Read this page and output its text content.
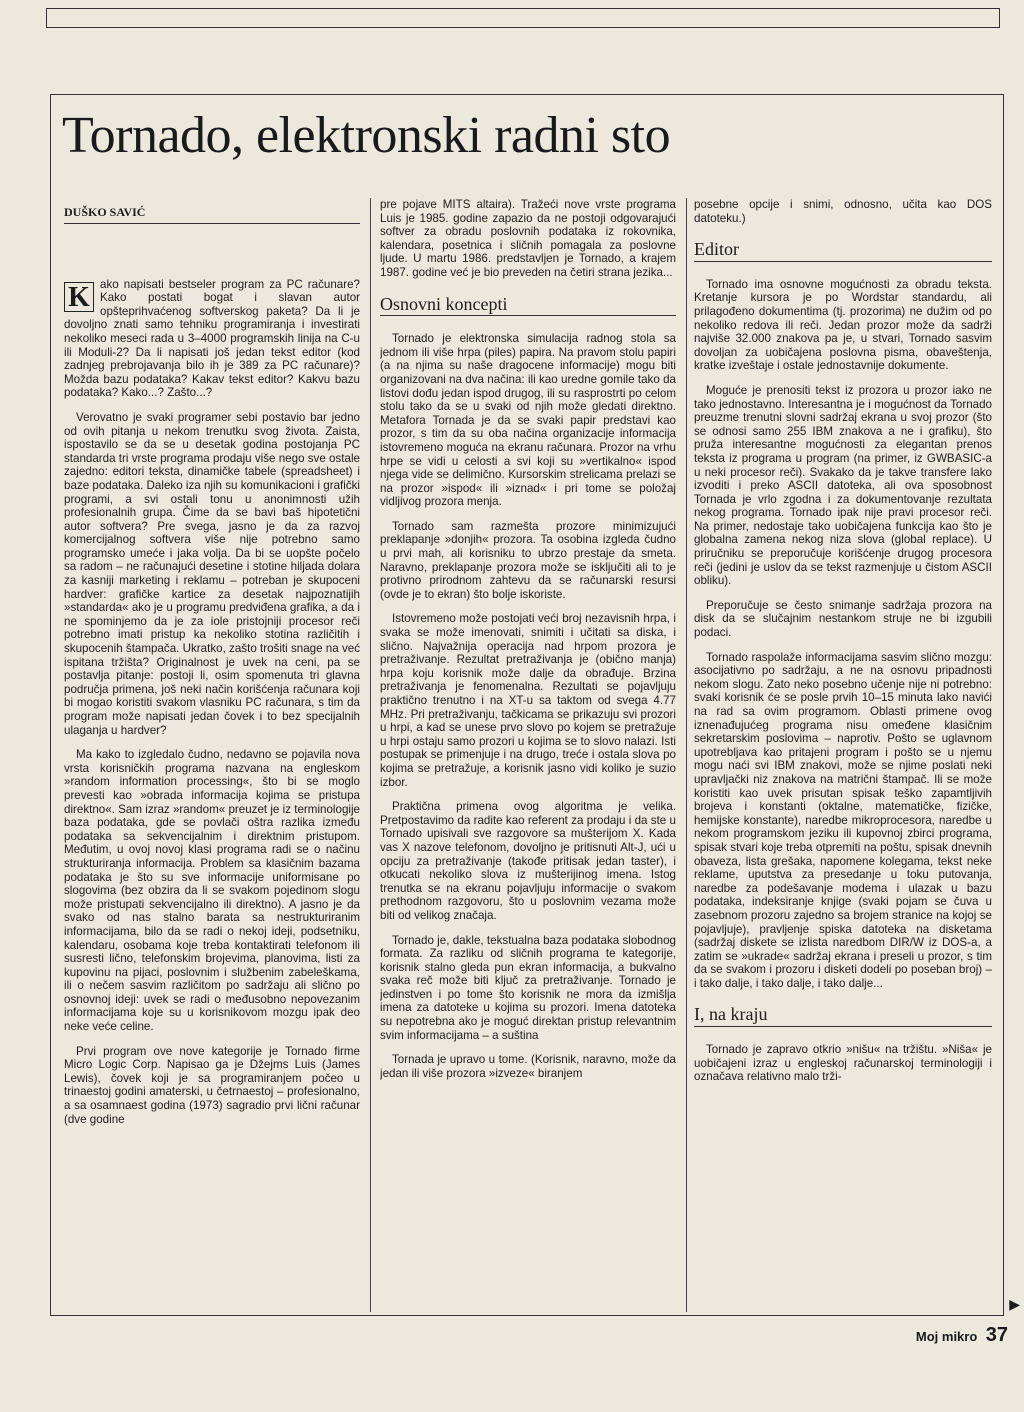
Tornado, elektronski radni sto
DUŠKO SAVIĆ

K ako napisati bestseler program za PC računare? Kako postati bogat i slavan autor opšteprihvaćenog softverskog paketa? Da li je dovoljno znati samo tehniku programiranja i investirati nekoliko meseci rada u 3–4000 programskih linija na C-u ili Moduli-2? Da li napisati još jedan tekst editor (kod zadnjeg prebrojavanja bilo ih je 389 za PC računare)? Možda bazu podataka? Kakav tekst editor? Kakvu bazu podataka? Kako...? Zašto...?

Verovatno je svaki programer sebi postavio bar jedno od ovih pitanja u nekom trenutku svog života. Zaista, ispostavilo se da se u desetak godina postojanja PC standarda tri vrste programa prodaju više nego sve ostale zajedno: editori teksta, dinamičke tabele (spreadsheet) i baze podataka. Daleko iza njih su komunikacioni i grafički programi, a svi ostali tonu u anonimnosti užih profesionalnih grupa. Čime da se bavi baš hipotetični autor softvera? Pre svega, jasno je da za razvoj komercijalnog softvera više nije potrebno samo programsko umeće i jaka volja. Da bi se uopšte počelo sa radom – ne računajući desetine i stotine hiljada dolara za kasniji marketing i reklamu – potreban je skupoceni hardver: grafičke kartice za desetak najpoznatijih »standarda« ako je u programu predviđena grafika, a da i ne spominjemo da je za iole pristojniji procesor reči potrebno imati pristup ka nekoliko stotina različitih i skupocenih štampača. Ukratko, zašto trošiti snage na već ispitana tržišta? Originalnost je uvek na ceni, pa se postavlja pitanje: postoji li, osim spomenuta tri glavna područja primena, još neki način korišćenja računara koji bi mogao koristiti svakom vlasniku PC računara, s tim da program može napisati jedan čovek i to bez specijalnih ulaganja u hardver?

Ma kako to izgledalo čudno, nedavno se pojavila nova vrsta korisničkih programa nazvana na engleskom »random information processing«, što bi se moglo prevesti kao »obrada informacija kojima se pristupa direktno«. Sam izraz »random« preuzet je iz terminologije baza podataka, gde se povlači oštra razlika između podataka sa sekvencijalnim i direktnim pristupom. Međutim, u ovoj novoj klasi programa radi se o načinu strukturiranja informacija. Problem sa klasičnim bazama podataka je što su sve informacije uniformisane po slogovima (bez obzira da li se svakom pojedinom slogu može pristupati sekvencijalno ili direktno). A jasno je da svako od nas stalno barata sa nestrukturiranim informacijama, bilo da se radi o nekoj ideji, podsetniku, kalendaru, osobama koje treba kontaktirati telefonom ili susresti lično, telefonskim brojevima, planovima, listi za kupovinu na pijaci, poslovnim i službenim zabeleškama, ili o nečem sasvim različitom po sadržaju ali slično po osnovnoj ideji: uvek se radi o međusobno nepovezanim informacijama koje su u korisnikovom mozgu ipak deo neke veće celine.

Prvi program ove nove kategorije je Tornado firme Micro Logic Corp. Napisao ga je Džejms Luis (James Lewis), čovek koji je sa programiranjem počeo u trinaestoj godini amaterski, u četrnaestoj – profesionalno, a sa osamnaest godina (1973) sagradio prvi lični računar (dve godine

pre pojave MITS altaira). Tražeći nove vrste programa Luis je 1985. godine zapazio da ne postoji odgovarajući softver za obradu poslovnih podataka iz rokovnika, kalendara, posetnica i sličnih pomagala za poslovne ljude. U martu 1986. predstavljen je Tornado, a krajem 1987. godine već je bio preveden na četiri strana jezika...

Osnovni koncepti

Tornado je elektronska simulacija radnog stola sa jednom ili više hrpa (piles) papira. Na pravom stolu papiri (a na njima su naše dragocene informacije) mogu biti organizovani na dva načina: ili kao uredne gomile tako da listovi dođu jedan ispod drugog, ili su rasprostrti po celom stolu tako da se u svaki od njih može gledati direktno. Metafora Tornada je da se svaki papir predstavi kao prozor, s tim da su oba načina organizacije informacija istovremeno moguća na ekranu računara. Prozor na vrhu hrpe se vidi u celosti a svi koji su »vertikalno« ispod njega vide se delimično. Kursorskim strelicama prelazi se na prozor »ispod« ili »iznad« i pri tome se položaj vidljivog prozora menja.

Tornado sam razmešta prozore minimizujući preklapanje »donjih« prozora. Ta osobina izgleda čudno u prvi mah, ali korisniku to ubrzo prestaje da smeta. Naravno, preklapanje prozora može se isključiti ali to je protivno prirodnom zahtevu da se računarski resursi (ovde je to ekran) što bolje iskoriste.

Istovremeno može postojati veći broj nezavisnih hrpa, i svaka se može imenovati, snimiti i učitati sa diska, i slično. Najvažnija operacija nad hrpom prozora je pretraživanje. Rezultat pretraživanja je (obično manja) hrpa koju korisnik može dalje da obrađuje. Brzina pretraživanja je fenomenalna. Rezultati se pojavljuju praktično trenutno i na XT-u sa taktom od svega 4.77 MHz. Pri pretraživanju, tačkicama se prikazuju svi prozori u hrpi, a kad se unese prvo slovo po kojem se pretražuje u hrpi ostaju samo prozori u kojima se to slovo nalazi. Isti postupak se primenjuje i na drugo, treće i ostala slova po kojima se pretražuje, a korisnik jasno vidi koliko je suzio izbor.

Praktična primena ovog algoritma je velika. Pretpostavimo da radite kao referent za prodaju i da ste u Tornado upisivali sve razgovore sa mušterijom X. Kada vas X nazove telefonom, dovoljno je pritisnuti Alt-J, ući u opciju za pretraživanje (takođe pritisak jedan taster), i otkucati nekoliko slova iz mušterijinog imena. Istog trenutka se na ekranu pojavljuju informacije o svakom prethodnom razgovoru, što u poslovnim vezama može biti od velikog značaja.

Tornado je, dakle, tekstualna baza podataka slobodnog formata. Za razliku od sličnih programa te kategorije, korisnik stalno gleda pun ekran informacija, a bukvalno svaka reč može biti ključ za pretraživanje. Tornado je jedinstven i po tome što korisnik ne mora da izmišlja imena za datoteke u kojima su prozori. Imena datoteka su nepotrebna ako je moguć direktan pristup relevantnim svim informacijama – a suština

Tornada je upravo u tome. (Korisnik, naravno, može da jedan ili više prozora »izveze« biranjem

posebne opcije i snimi, odnosno, učita kao DOS datoteku.)

Editor

Tornado ima osnovne mogućnosti za obradu teksta. Kretanje kursora je po Wordstar standardu, ali prilagođeno dokumentima (tj. prozorima) ne dužim od po nekoliko redova ili reči. Jedan prozor može da sadrži najviše 32.000 znakova pa je, u stvari, Tornado sasvim dovoljan za uobičajena poslovna pisma, obaveštenja, kratke izveštaje i ostale jednostavnije dokumente.

Moguće je prenositi tekst iz prozora u prozor iako ne tako jednostavno. Interesantna je i mogućnost da Tornado preuzme trenutni slovni sadržaj ekrana u svoj prozor (što se odnosi samo 255 IBM znakova a ne i grafiku), što pruža interesantne mogućnosti za elegantan prenos teksta iz programa u program (na primer, iz GWBASIC-a u neki procesor reči). Svakako da je takve transfere lako izvoditi i preko ASCII datoteka, ali ova sposobnost Tornada je vrlo zgodna i za dokumentovanje rezultata nekog programa. Tornado ipak nije pravi procesor reči. Na primer, nedostaje tako uobičajena funkcija kao što je globalna zamena nekog niza slova (global replace). U priručniku se preporučuje korišćenje drugog procesora reči (jedini je uslov da se tekst razmenjuje u čistom ASCII obliku).

Preporučuje se često snimanje sadržaja prozora na disk da se slučajnim nestankom struje ne bi izgubili podaci.

Tornado raspolaže informacijama sasvim slično mozgu: asocijativno po sadržaju, a ne na osnovu pripadnosti nekom slogu. Zato neko posebno učenje nije ni potrebno: svaki korisnik će se posle prvih 10–15 minuta lako navići na rad sa ovim programom. Oblasti primene ovog iznenađujućeg programa nisu omeđene klasičnim sekretarskim poslovima – naprotiv. Pošto se uglavnom upotrebljava kao pritajeni program i pošto se u njemu mogu naći svi IBM znakovi, može se njime poslati neki upravljački niz znakova na matrični štampač. Ili se može koristiti kao uvek prisutan spisak teško zapamtljivih brojeva i konstanti (oktalne, matematičke, fizičke, hemijske konstante), naredbe mikroprocesora, naredbe u nekom programskom jeziku ili kupovnoj zbirci programa, spisak stvari koje treba otpremiti na poštu, spisak dnevnih obaveza, lista grešaka, napomene kolegama, tekst neke reklame, uputstva za presedanje u toku putovanja, naredbe za podešavanje modema i ulazak u bazu podataka, indeksiranje knjige (svaki pojam se čuva u zasebnom prozoru zajedno sa brojem stranice na kojoj se pojavljuje), pravljenje spiska datoteka na disketama (sadržaj diskete se izlista naredbom DIR/W iz DOS-a, a zatim se »ukrade« sadržaj ekrana i preseli u prozor, s tim da se svakom i prozoru i disketi dodeli po poseban broj) – i tako dalje, i tako dalje, i tako dalje...

I, na kraju

Tornado je zapravo otkrio »nišu« na tržištu. »Niša« je uobičajeni izraz u engleskoj računarskoj terminologiji i označava relativno malo trži-

▶
Moj mikro 37
